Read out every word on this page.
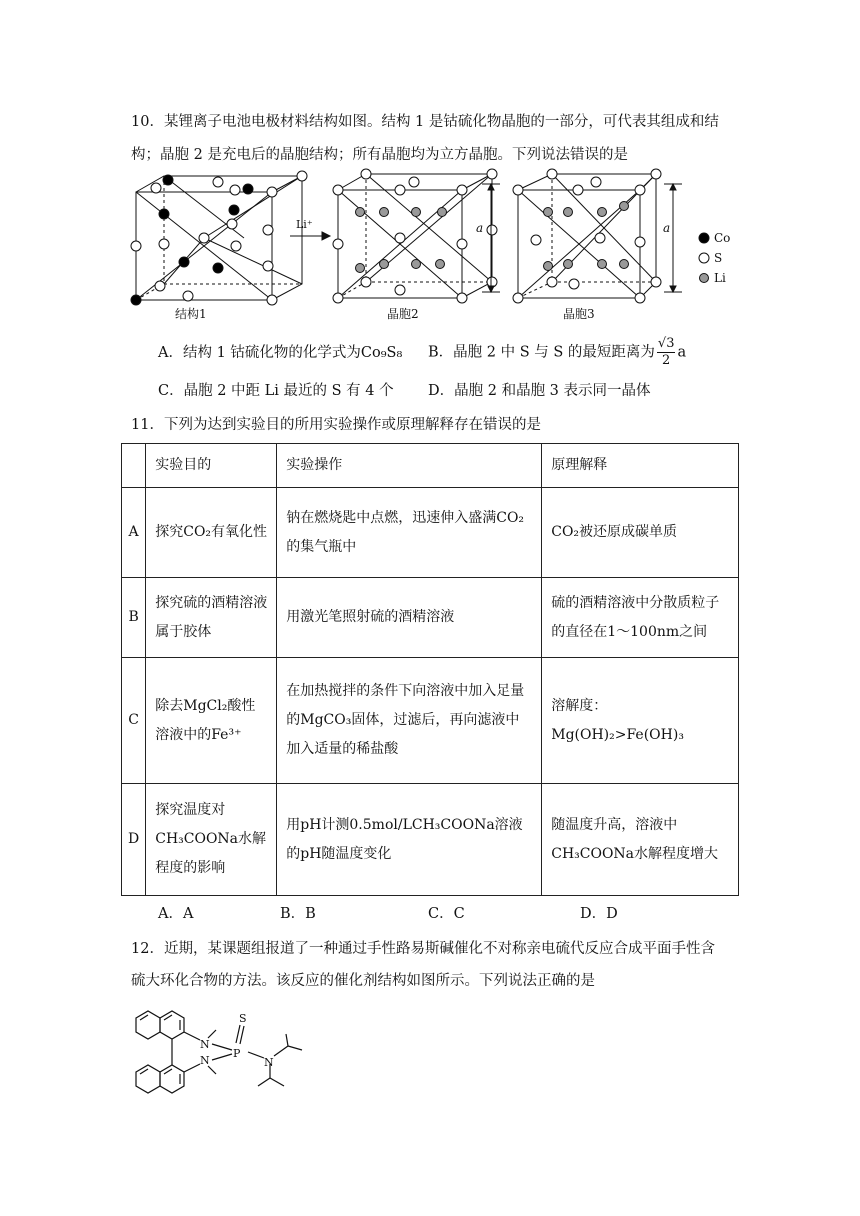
10．某锂离子电池电极材料结构如图。结构 1 是钴硫化物晶胞的一部分，可代表其组成和结
构；晶胞 2 是充电后的晶胞结构；所有晶胞均为立方晶胞。下列说法错误的是
结构1
Li⁺
晶胞2
a
晶胞3
a
Co
S
Li
A．结构 1 钴硫化物的化学式为Co₉S₈ B．晶胞 2 中 S 与 S 的最短距离为 $\frac{√3}{2}$ a
C．晶胞 2 中距 Li 最近的 S 有 4 个 D．晶胞 2 和晶胞 3 表示同一晶体
11．下列为达到实验目的所用实验操作或原理解释存在错误的是
	实验目的	实验操作	原理解释
A	探究CO₂有氧化性	钠在燃烧匙中点燃，迅速伸入盛满CO₂的集气瓶中	CO₂被还原成碳单质
B	探究硫的酒精溶液属于胶体	用激光笔照射硫的酒精溶液	硫的酒精溶液中分散质粒子的直径在1～100nm之间
C	除去MgCl₂酸性溶液中的Fe³⁺	在加热搅拌的条件下向溶液中加入足量的MgCO₃固体，过滤后，再向滤液中加入适量的稀盐酸	溶解度：Mg(OH)₂>Fe(OH)₃
D	探究温度对CH₃COONa水解程度的影响	用pH计测0.5mol/LCH₃COONa溶液的pH随温度变化	随温度升高，溶液中CH₃COONa水解程度增大
A．A	B．B	C．C	D．D
12．近期，某课题组报道了一种通过手性路易斯碱催化不对称亲电硫代反应合成平面手性含
硫大环化合物的方法。该反应的催化剂结构如图所示。下列说法正确的是
N
N
P
S
N
